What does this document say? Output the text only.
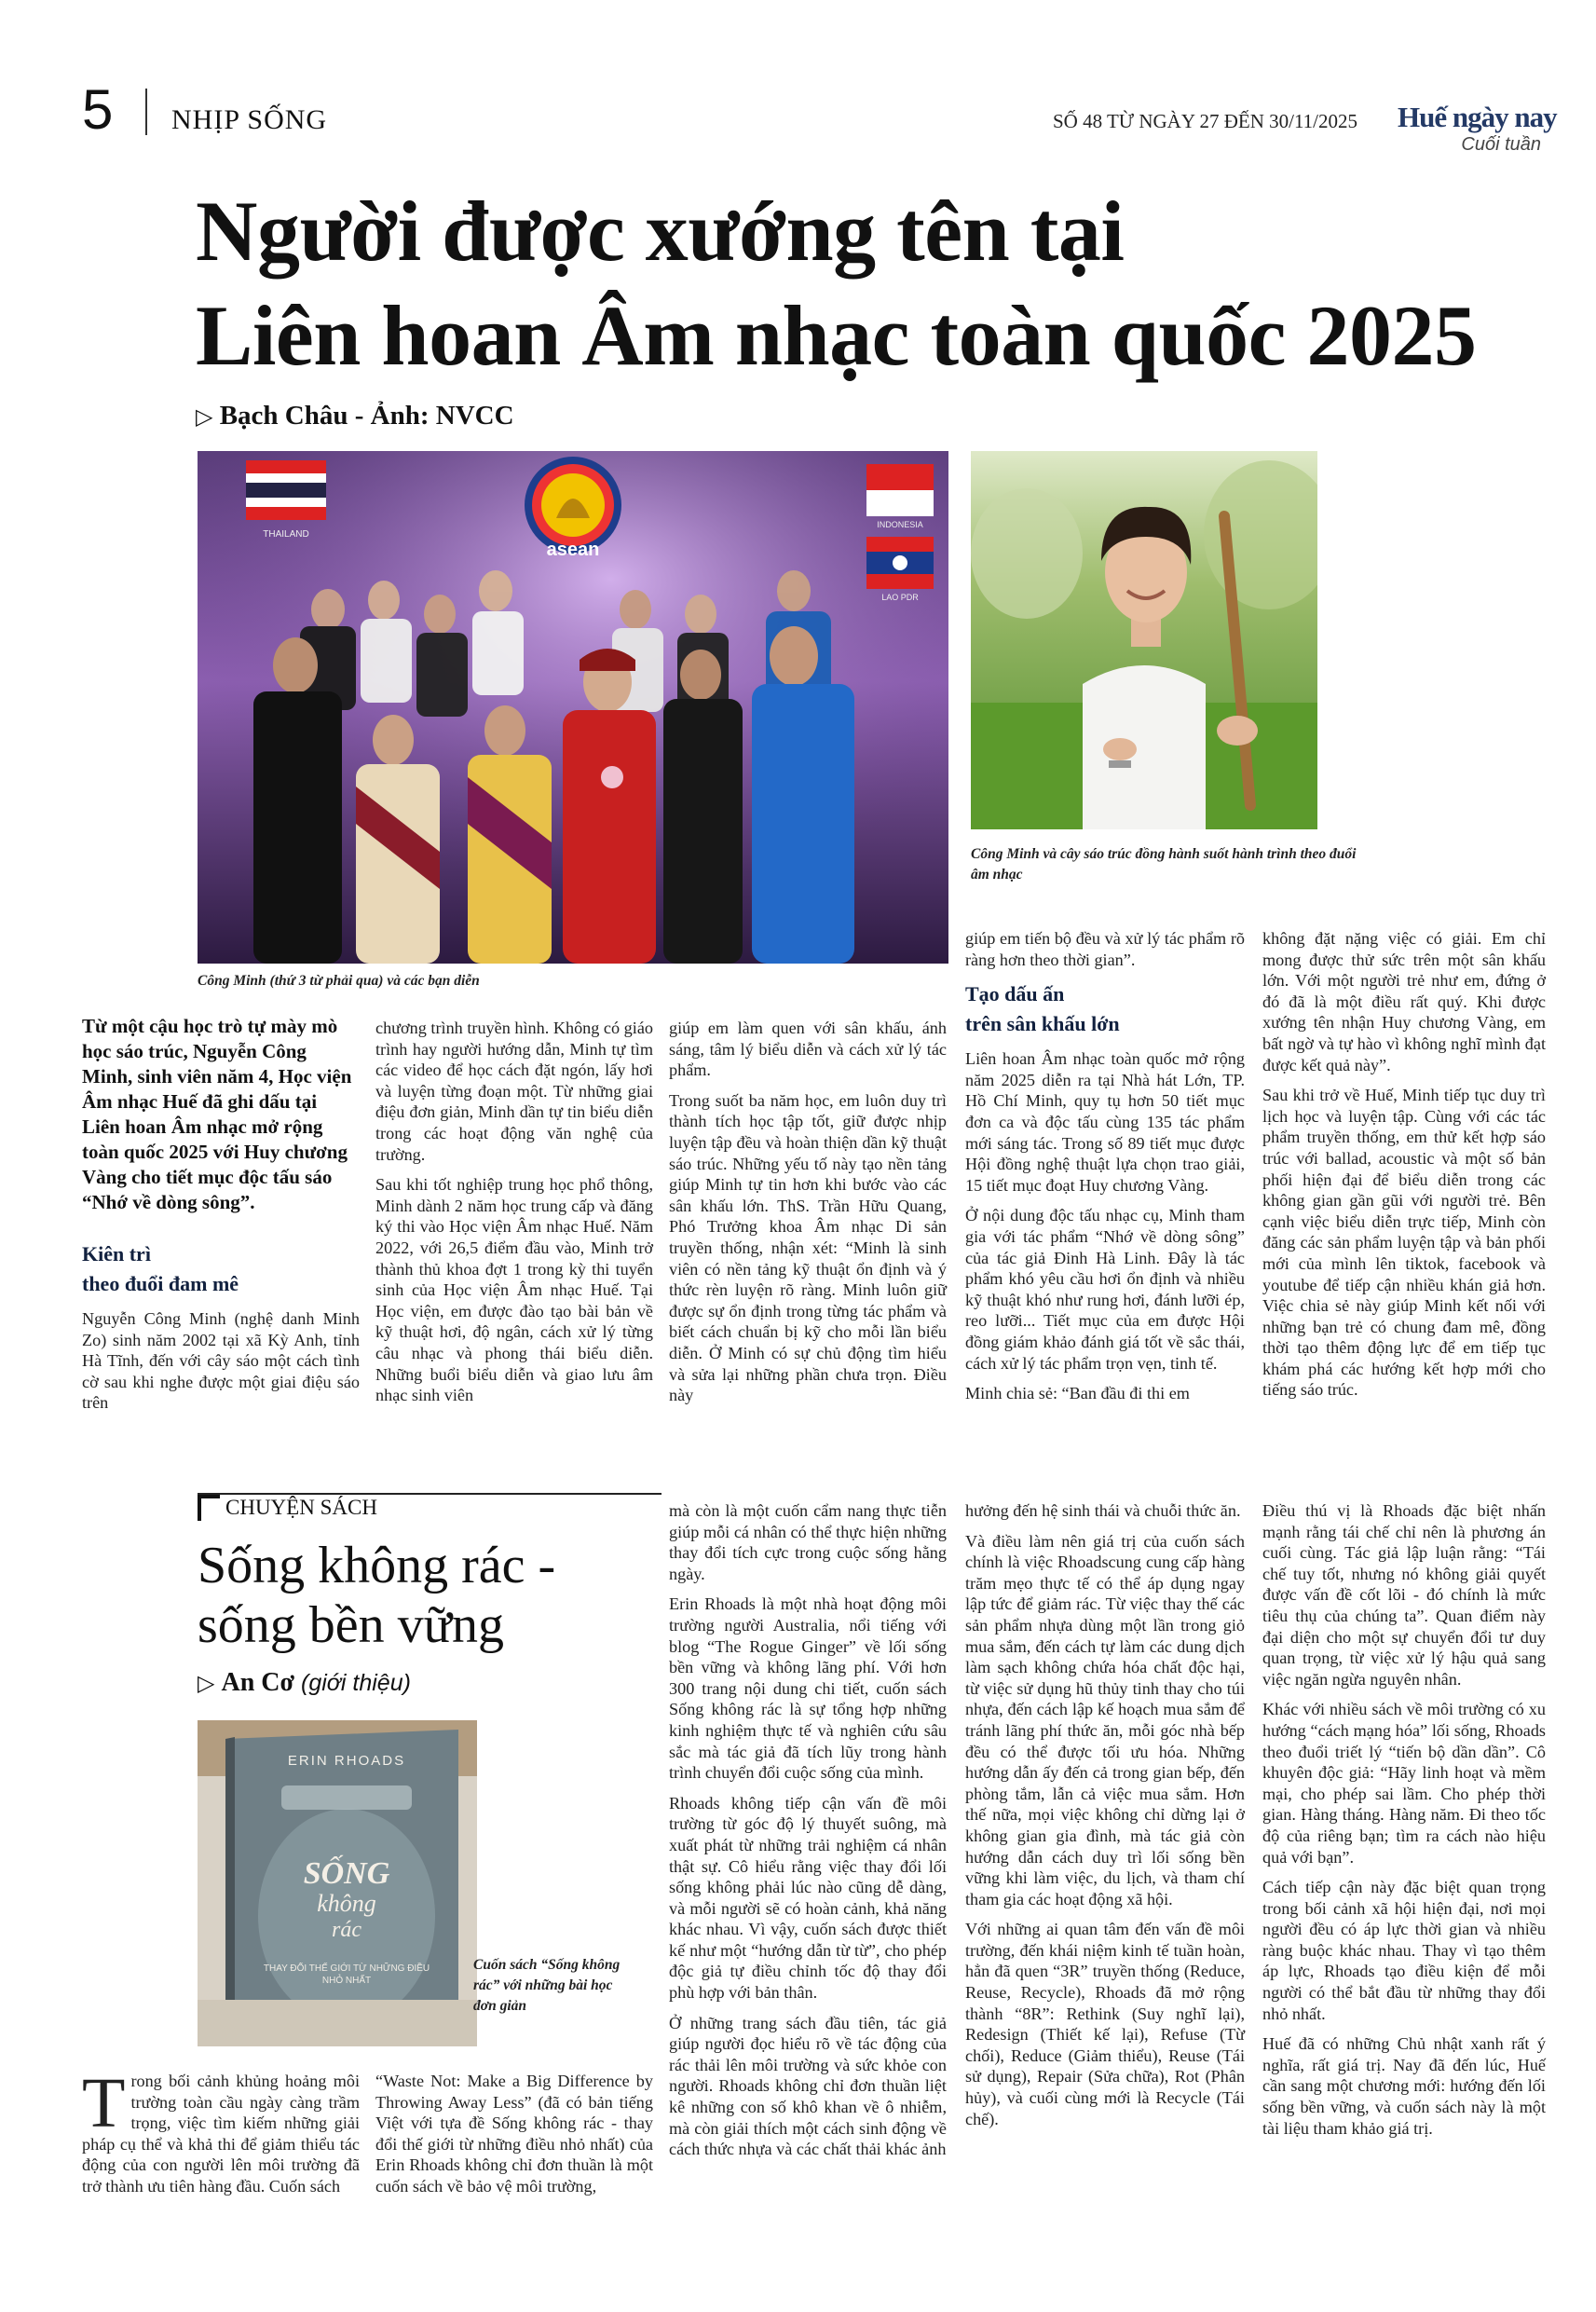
5 NHỊP SỐNG	SỐ 48 TỪ NGÀY 27 ĐẾN 30/11/2025 Huế ngày nay
Cuối tuần
Người được xướng tên tại
Liên hoan Âm nhạc toàn quốc 2025
▷ Bạch Châu - Ảnh: NVCC
THAILAND
INDONESIA
LAO PDR
asean
Công Minh (thứ 3 từ phải qua) và các bạn diễn
Công Minh và cây sáo trúc đồng hành suốt hành trình theo đuổi âm nhạc

Từ một cậu học trò tự mày mò học sáo trúc, Nguyễn Công Minh, sinh viên năm 4, Học viện Âm nhạc Huế đã ghi dấu tại Liên hoan Âm nhạc mở rộng toàn quốc 2025 với Huy chương Vàng cho tiết mục độc tấu sáo “Nhớ về dòng sông”.

Kiên trì
theo đuổi đam mê

Nguyễn Công Minh (nghệ danh Minh Zo) sinh năm 2002 tại xã Kỳ Anh, tỉnh Hà Tĩnh, đến với cây sáo một cách tình cờ sau khi nghe được một giai điệu sáo trên

chương trình truyền hình. Không có giáo trình hay người hướng dẫn, Minh tự tìm các video để học cách đặt ngón, lấy hơi và luyện từng đoạn một. Từ những giai điệu đơn giản, Minh dần tự tin biểu diễn trong các hoạt động văn nghệ của trường.

Sau khi tốt nghiệp trung học phổ thông, Minh dành 2 năm học trung cấp và đăng ký thi vào Học viện Âm nhạc Huế. Năm 2022, với 26,5 điểm đầu vào, Minh trở thành thủ khoa đợt 1 trong kỳ thi tuyển sinh của Học viện Âm nhạc Huế. Tại Học viện, em được đào tạo bài bản về kỹ thuật hơi, độ ngân, cách xử lý từng câu nhạc và phong thái biểu diễn. Những buổi biểu diễn và giao lưu âm nhạc sinh viên

giúp em làm quen với sân khấu, ánh sáng, tâm lý biểu diễn và cách xử lý tác phẩm.

Trong suốt ba năm học, em luôn duy trì thành tích học tập tốt, giữ được nhịp luyện tập đều và hoàn thiện dần kỹ thuật sáo trúc. Những yếu tố này tạo nền tảng giúp Minh tự tin hơn khi bước vào các sân khấu lớn. ThS. Trần Hữu Quang, Phó Trưởng khoa Âm nhạc Di sản truyền thống, nhận xét: “Minh là sinh viên có nền tảng kỹ thuật ổn định và ý thức rèn luyện rõ ràng. Minh luôn giữ được sự ổn định trong từng tác phẩm và biết cách chuẩn bị kỹ cho mỗi lần biểu diễn. Ở Minh có sự chủ động tìm hiểu và sửa lại những phần chưa trọn. Điều này

giúp em tiến bộ đều và xử lý tác phẩm rõ ràng hơn theo thời gian”.

Tạo dấu ấn
trên sân khấu lớn

Liên hoan Âm nhạc toàn quốc mở rộng năm 2025 diễn ra tại Nhà hát Lớn, TP. Hồ Chí Minh, quy tụ hơn 50 tiết mục đơn ca và độc tấu cùng 135 tác phẩm mới sáng tác. Trong số 89 tiết mục được Hội đồng nghệ thuật lựa chọn trao giải, 15 tiết mục đoạt Huy chương Vàng.

Ở nội dung độc tấu nhạc cụ, Minh tham gia với tác phẩm “Nhớ về dòng sông” của tác giả Đinh Hà Linh. Đây là tác phẩm khó yêu cầu hơi ổn định và nhiều kỹ thuật khó như rung hơi, đánh lưỡi ép, reo lưỡi... Tiết mục của em được Hội đồng giám khảo đánh giá tốt về sắc thái, cách xử lý tác phẩm trọn vẹn, tinh tế.

Minh chia sẻ: “Ban đầu đi thi em

không đặt nặng việc có giải. Em chỉ mong được thử sức trên một sân khấu lớn. Với một người trẻ như em, đứng ở đó đã là một điều rất quý. Khi được xướng tên nhận Huy chương Vàng, em bất ngờ và tự hào vì không nghĩ mình đạt được kết quả này”.

Sau khi trở về Huế, Minh tiếp tục duy trì lịch học và luyện tập. Cùng với các tác phẩm truyền thống, em thử kết hợp sáo trúc với ballad, acoustic và một số bản phối hiện đại để biểu diễn trong các không gian gần gũi với người trẻ. Bên cạnh việc biểu diễn trực tiếp, Minh còn đăng các sản phẩm luyện tập và bản phối mới của mình lên tiktok, facebook và youtube để tiếp cận nhiều khán giả hơn. Việc chia sẻ này giúp Minh kết nối với những bạn trẻ có chung đam mê, đồng thời tạo thêm động lực để em tiếp tục khám phá các hướng kết hợp mới cho tiếng sáo trúc.

CHUYỆN SÁCH
Sống không rác -
sống bền vững
▷ An Cơ (giới thiệu)
ERIN RHOADS
SỐNG
không
rác
THAY ĐỔI THẾ GIỚI TỪ NHỮNG ĐIỀU NHỎ NHẤT
Cuốn sách “Sống không rác” với những bài học đơn giản

Trong bối cảnh khủng hoảng môi trường toàn cầu ngày càng trầm trọng, việc tìm kiếm những giải pháp cụ thể và khả thi để giảm thiểu tác động của con người lên môi trường đã trở thành ưu tiên hàng đầu. Cuốn sách

“Waste Not: Make a Big Difference by Throwing Away Less” (đã có bản tiếng Việt với tựa đề Sống không rác - thay đổi thế giới từ những điều nhỏ nhất) của Erin Rhoads không chỉ đơn thuần là một cuốn sách về bảo vệ môi trường,

mà còn là một cuốn cẩm nang thực tiễn giúp mỗi cá nhân có thể thực hiện những thay đổi tích cực trong cuộc sống hằng ngày.

Erin Rhoads là một nhà hoạt động môi trường người Australia, nổi tiếng với blog “The Rogue Ginger” về lối sống bền vững và không lãng phí. Với hơn 300 trang nội dung chi tiết, cuốn sách Sống không rác là sự tổng hợp những kinh nghiệm thực tế và nghiên cứu sâu sắc mà tác giả đã tích lũy trong hành trình chuyển đổi cuộc sống của mình.

Rhoads không tiếp cận vấn đề môi trường từ góc độ lý thuyết suông, mà xuất phát từ những trải nghiệm cá nhân thật sự. Cô hiểu rằng việc thay đổi lối sống không phải lúc nào cũng dễ dàng, và mỗi người sẽ có hoàn cảnh, khả năng khác nhau. Vì vậy, cuốn sách được thiết kế như một “hướng dẫn từ từ”, cho phép độc giả tự điều chỉnh tốc độ thay đổi phù hợp với bản thân.

Ở những trang sách đầu tiên, tác giả giúp người đọc hiểu rõ về tác động của rác thải lên môi trường và sức khỏe con người. Rhoads không chỉ đơn thuần liệt kê những con số khô khan về ô nhiễm, mà còn giải thích một cách sinh động về cách thức nhựa và các chất thải khác ảnh

hưởng đến hệ sinh thái và chuỗi thức ăn.

Và điều làm nên giá trị của cuốn sách chính là việc Rhoadscung cung cấp hàng trăm mẹo thực tế có thể áp dụng ngay lập tức để giảm rác. Từ việc thay thế các sản phẩm nhựa dùng một lần trong giỏ mua sắm, đến cách tự làm các dung dịch làm sạch không chứa hóa chất độc hại, từ việc sử dụng hũ thủy tinh thay cho túi nhựa, đến cách lập kế hoạch mua sắm để tránh lãng phí thức ăn, mỗi góc nhà bếp đều có thể được tối ưu hóa. Những hướng dẫn ấy đến cả trong gian bếp, đến phòng tắm, lẫn cả việc mua sắm. Hơn thế nữa, mọi việc không chỉ dừng lại ở không gian gia đình, mà tác giả còn hướng dẫn cách duy trì lối sống bền vững khi làm việc, du lịch, và tham chí tham gia các hoạt động xã hội.

Với những ai quan tâm đến vấn đề môi trường, đến khái niệm kinh tế tuần hoàn, hẳn đã quen “3R” truyền thống (Reduce, Reuse, Recycle), Rhoads đã mở rộng thành “8R”: Rethink (Suy nghĩ lại), Redesign (Thiết kế lại), Refuse (Từ chối), Reduce (Giảm thiểu), Reuse (Tái sử dụng), Repair (Sửa chữa), Rot (Phân hủy), và cuối cùng mới là Recycle (Tái chế).

Điều thú vị là Rhoads đặc biệt nhấn mạnh rằng tái chế chỉ nên là phương án cuối cùng. Tác giả lập luận rằng: “Tái chế tuy tốt, nhưng nó không giải quyết được vấn đề cốt lõi - đó chính là mức tiêu thụ của chúng ta”. Quan điểm này đại diện cho một sự chuyển đổi tư duy quan trọng, từ việc xử lý hậu quả sang việc ngăn ngừa nguyên nhân.

Khác với nhiều sách về môi trường có xu hướng “cách mạng hóa” lối sống, Rhoads theo đuổi triết lý “tiến bộ dần dần”. Cô khuyên độc giả: “Hãy linh hoạt và mềm mại, cho phép sai lầm. Cho phép thời gian. Hàng tháng. Hàng năm. Đi theo tốc độ của riêng bạn; tìm ra cách nào hiệu quả với bạn”.

Cách tiếp cận này đặc biệt quan trọng trong bối cảnh xã hội hiện đại, nơi mọi người đều có áp lực thời gian và nhiều ràng buộc khác nhau. Thay vì tạo thêm áp lực, Rhoads tạo điều kiện để mỗi người có thể bắt đầu từ những thay đổi nhỏ nhất.

Huế đã có những Chủ nhật xanh rất ý nghĩa, rất giá trị. Nay đã đến lúc, Huế cần sang một chương mới: hướng đến lối sống bền vững, và cuốn sách này là một tài liệu tham khảo giá trị.
